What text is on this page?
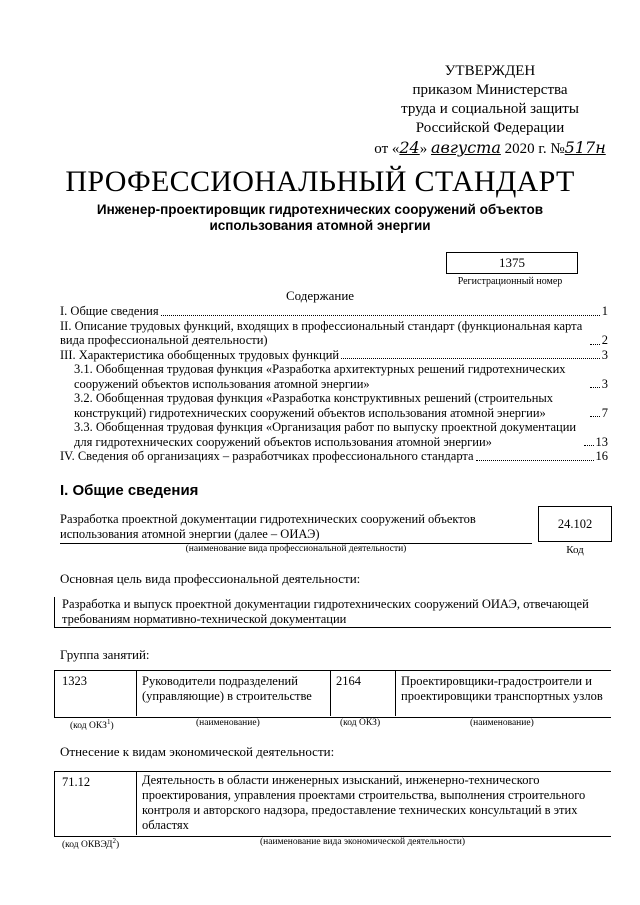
УТВЕРЖДЕН
приказом Министерства
труда и социальной защиты
Российской Федерации
от «24» августа 2020 г. №517н
ПРОФЕССИОНАЛЬНЫЙ СТАНДАРТ
Инженер-проектировщик гидротехнических сооружений объектов использования атомной энергии
1375
Регистрационный номер
Содержание
I. Общие сведения	1
II. Описание трудовых функций, входящих в профессиональный стандарт (функциональная карта вида профессиональной деятельности)	2
III. Характеристика обобщенных трудовых функций	3
3.1. Обобщенная трудовая функция «Разработка архитектурных решений гидротехнических сооружений объектов использования атомной энергии»	3
3.2. Обобщенная трудовая функция «Разработка конструктивных решений (строительных конструкций) гидротехнических сооружений объектов использования атомной энергии»	7
3.3. Обобщенная трудовая функция «Организация работ по выпуску проектной документации для гидротехнических сооружений объектов использования атомной энергии»	13
IV. Сведения об организациях – разработчиках профессионального стандарта	16
I. Общие сведения
Разработка проектной документации гидротехнических сооружений объектов использования атомной энергии (далее – ОИАЭ)
(наименование вида профессиональной деятельности)
24.102
Код
Основная цель вида профессиональной деятельности:
Разработка и выпуск проектной документации гидротехнических сооружений ОИАЭ, отвечающей требованиям нормативно-технической документации
Группа занятий:
1323	Руководители подразделений (управляющие) в строительстве
2164	Проектировщики-градостроители и проектировщики транспортных узлов
(код ОКЗ$^1$)	(наименование)	(код ОКЗ)	(наименование)
Отнесение к видам экономической деятельности:
71.12	Деятельность в области инженерных изысканий, инженерно-технического проектирования, управления проектами строительства, выполнения строительного контроля и авторского надзора, предоставление технических консультаций в этих областях
(код ОКВЭД$^2$)	(наименование вида экономической деятельности)
